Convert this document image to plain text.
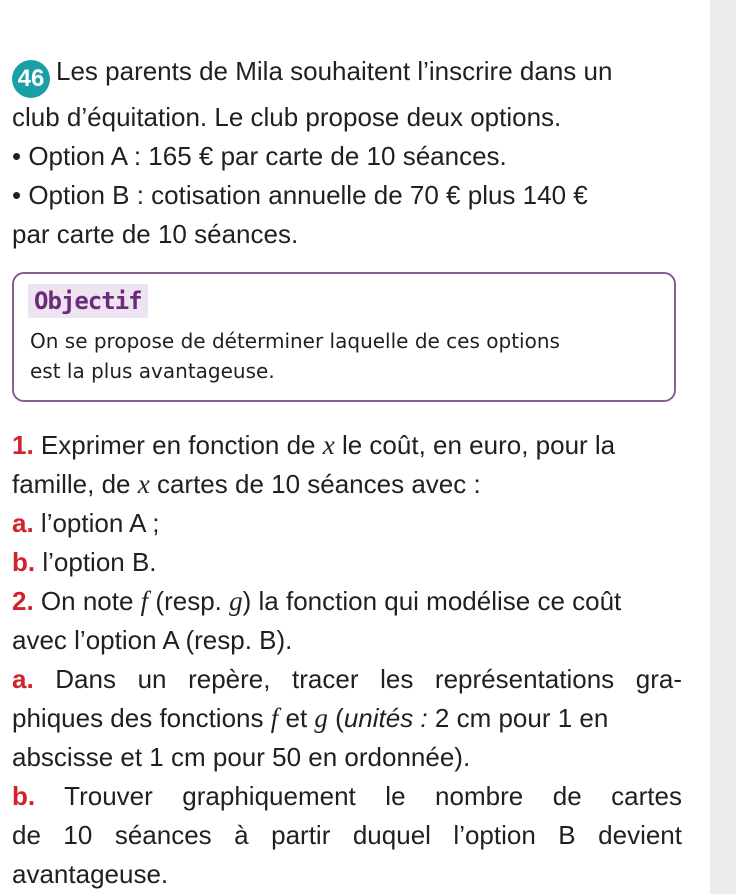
46 Les parents de Mila souhaitent l’inscrire dans un
club d’équitation. Le club propose deux options.
• Option A : 165 € par carte de 10 séances.
• Option B : cotisation annuelle de 70 € plus 140 €
par carte de 10 séances.
Objectif
On se propose de déterminer laquelle de ces options
est la plus avantageuse.
1. Exprimer en fonction de x le coût, en euro, pour la
famille, de x cartes de 10 séances avec :
a. l’option A ;
b. l’option B.
2. On note f (resp. g) la fonction qui modélise ce coût
avec l’option A (resp. B).
a. Dans un repère, tracer les représentations gra-
phiques des fonctions f et g (unités : 2 cm pour 1 en
abscisse et 1 cm pour 50 en ordonnée).
b. Trouver graphiquement le nombre de cartes
de 10 séances à partir duquel l’option B devient
avantageuse.
